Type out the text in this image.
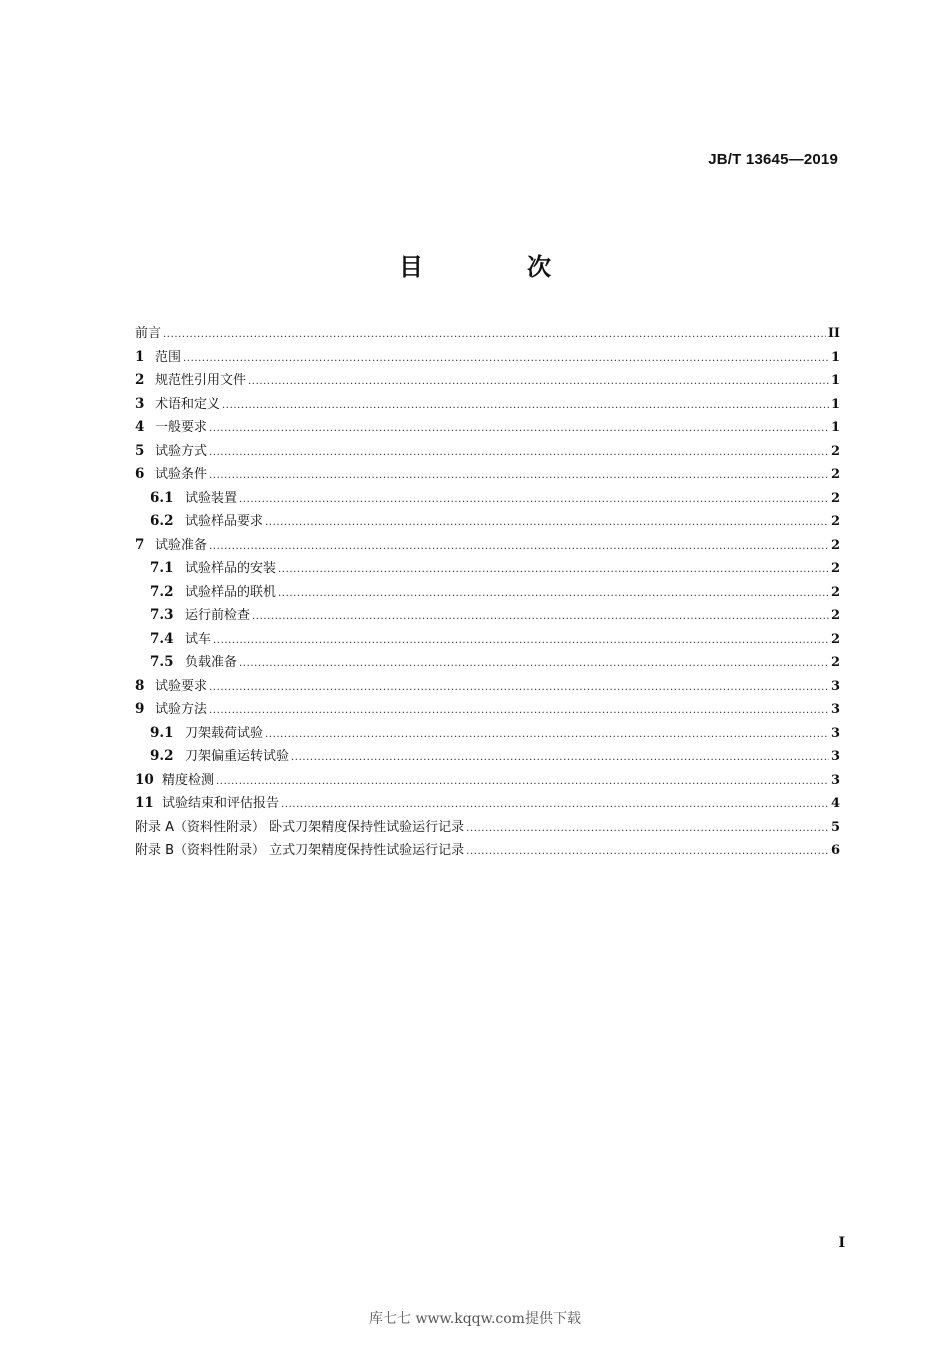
JB/T 13645—2019
目　次
前言 .....	II
1 范围 .....	1
2 规范性引用文件 .....	1
3 术语和定义 .....	1
4 一般要求 .....	1
5 试验方式 .....	2
6 试验条件 .....	2
6.1 试验装置 .....	2
6.2 试验样品要求 .....	2
7 试验准备 .....	2
7.1 试验样品的安装 .....	2
7.2 试验样品的联机 .....	2
7.3 运行前检查 .....	2
7.4 试车 .....	2
7.5 负载准备 .....	2
8 试验要求 .....	3
9 试验方法 .....	3
9.1 刀架载荷试验 .....	3
9.2 刀架偏重运转试验 .....	3
10 精度检测 .....	3
11 试验结束和评估报告 .....	4
附录 A（资料性附录） 卧式刀架精度保持性试验运行记录 .....	5
附录 B（资料性附录） 立式刀架精度保持性试验运行记录 .....	6
I
库七七 www.kqqw.com提供下载
